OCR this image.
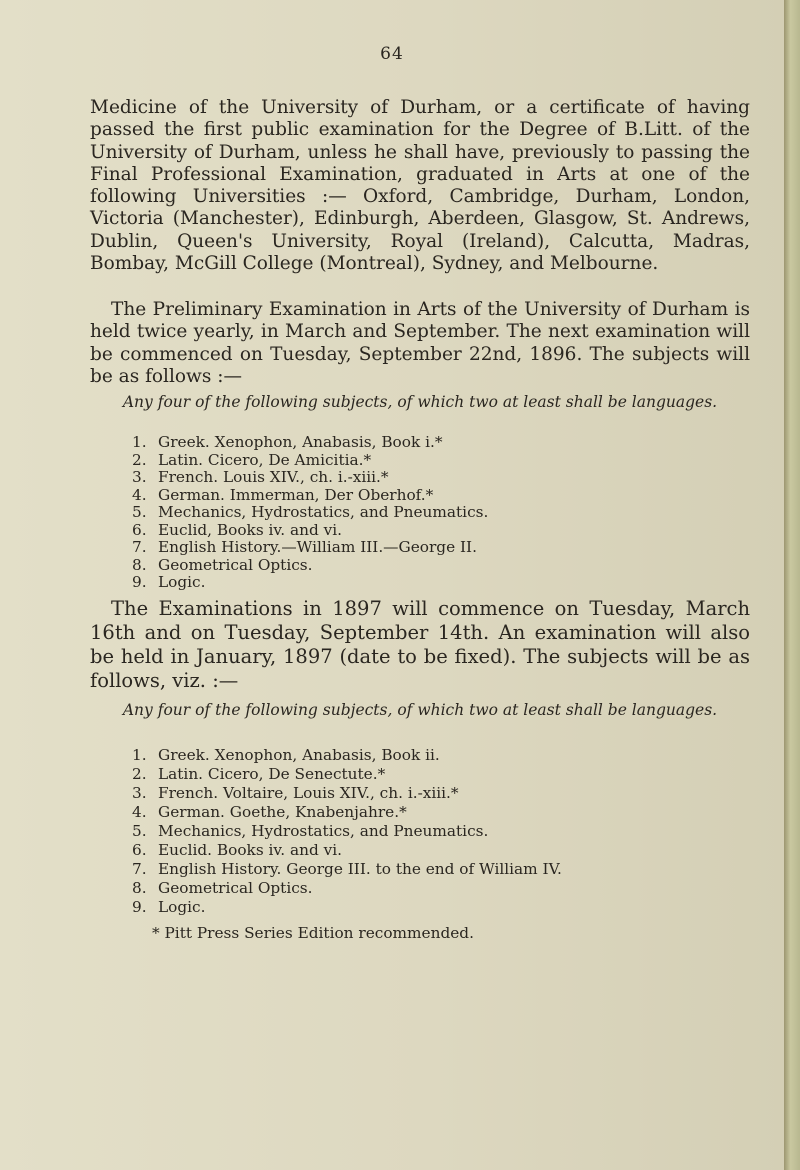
64

Medicine of the University of Durham, or a certificate of having passed the first public examination for the Degree of B.Litt. of the University of Durham, unless he shall have, previously to passing the Final Professional Examination, graduated in Arts at one of the following Universities :— Oxford, Cambridge, Durham, London, Victoria (Manchester), Edinburgh, Aberdeen, Glasgow, St. Andrews, Dublin, Queen's University, Royal (Ireland), Calcutta, Madras, Bombay, McGill College (Montreal), Sydney, and Melbourne.

The Preliminary Examination in Arts of the University of Durham is held twice yearly, in March and September. The next examination will be commenced on Tuesday, September 22nd, 1896. The subjects will be as follows :—

Any four of the following subjects, of which two at least shall be languages.

1. Greek. Xenophon, Anabasis, Book i.*
2. Latin. Cicero, De Amicitia.*
3. French. Louis XIV., ch. i.-xiii.*
4. German. Immerman, Der Oberhof.*
5. Mechanics, Hydrostatics, and Pneumatics.
6. Euclid, Books iv. and vi.
7. English History.—William III.—George II.
8. Geometrical Optics.
9. Logic.

The Examinations in 1897 will commence on Tuesday, March 16th and on Tuesday, September 14th. An examination will also be held in January, 1897 (date to be fixed). The subjects will be as follows, viz. :—

Any four of the following subjects, of which two at least shall be languages.

1. Greek. Xenophon, Anabasis, Book ii.
2. Latin. Cicero, De Senectute.*
3. French. Voltaire, Louis XIV., ch. i.-xiii.*
4. German. Goethe, Knabenjahre.*
5. Mechanics, Hydrostatics, and Pneumatics.
6. Euclid. Books iv. and vi.
7. English History. George III. to the end of William IV.
8. Geometrical Optics.
9. Logic.

* Pitt Press Series Edition recommended.
